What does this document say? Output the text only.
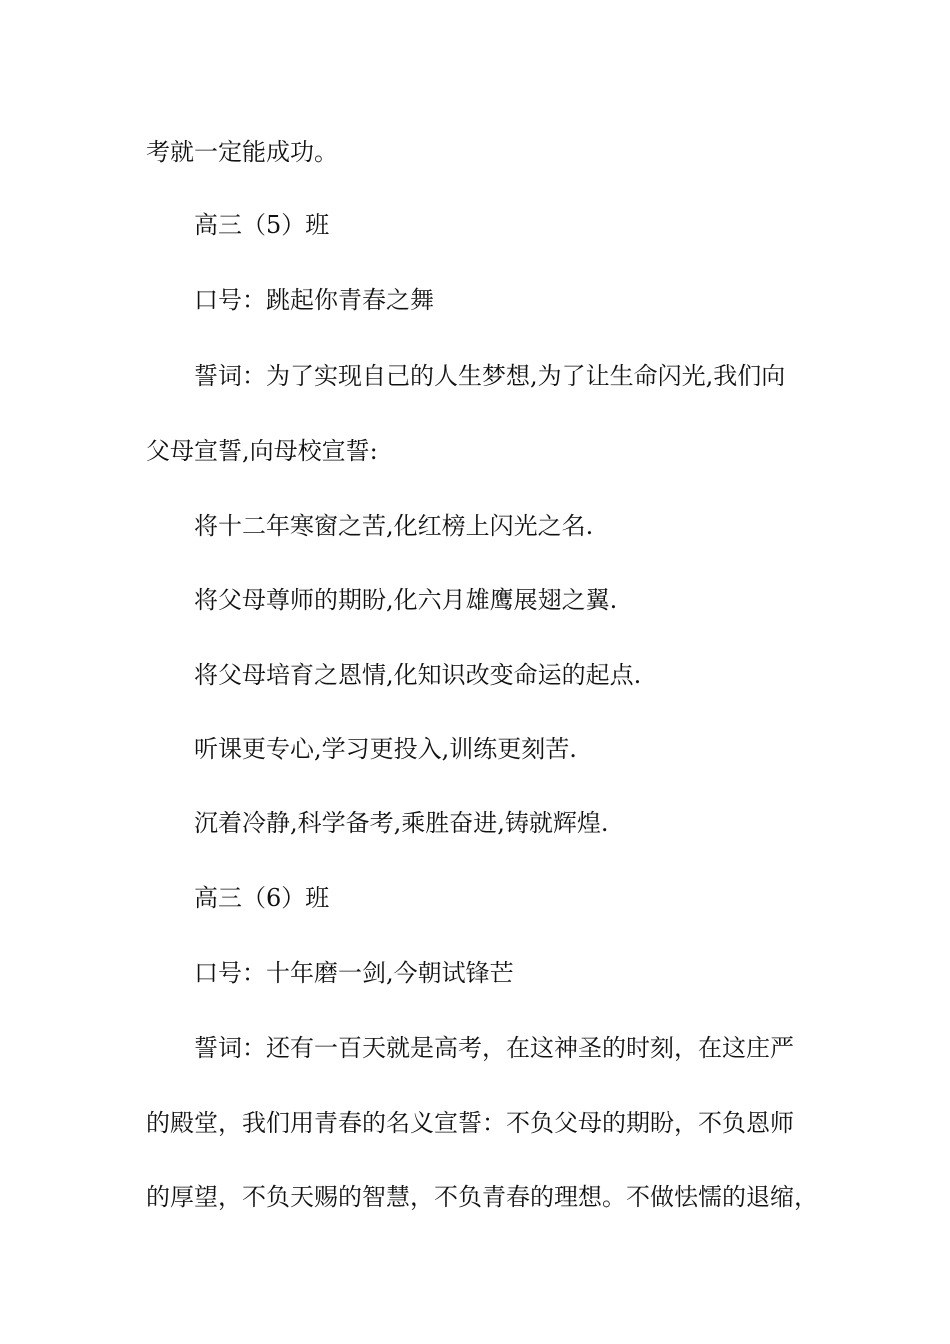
考就一定能成功。

高三（5）班

口号：跳起你青春之舞

誓词：为了实现自己的人生梦想,为了让生命闪光,我们向

父母宣誓,向母校宣誓:

将十二年寒窗之苦,化红榜上闪光之名.

将父母尊师的期盼,化六月雄鹰展翅之翼.

将父母培育之恩情,化知识改变命运的起点.

听课更专心,学习更投入,训练更刻苦.

沉着冷静,科学备考,乘胜奋进,铸就辉煌.

高三（6）班

口号：十年磨一剑,今朝试锋芒

誓词：还有一百天就是高考，在这神圣的时刻，在这庄严

的殿堂，我们用青春的名义宣誓：不负父母的期盼，不负恩师

的厚望，不负天赐的智慧，不负青春的理想。不做怯懦的退缩，
